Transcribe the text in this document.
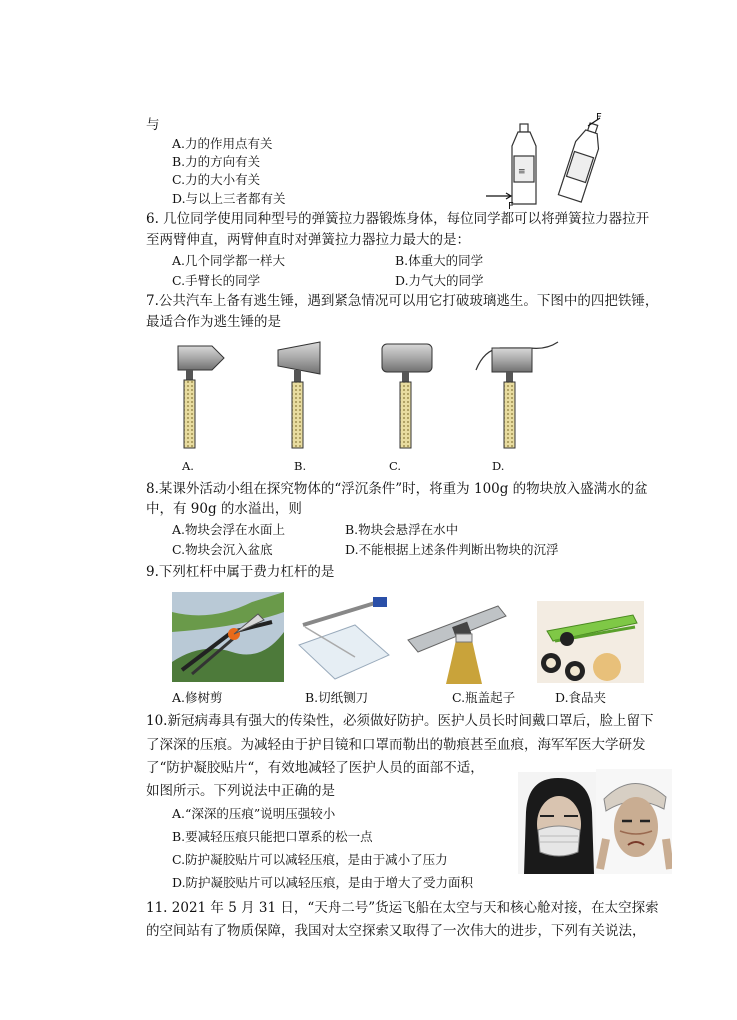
与
A.力的作用点有关
B.力的方向有关
C.力的大小有关
D.与以上三者都有关
≡
F
F
6. 几位同学使用同种型号的弹簧拉力器锻炼身体，每位同学都可以将弹簧拉力器拉开
至两臂伸直，两臂伸直时对弹簧拉力器拉力最大的是：
A.几个同学都一样大	B.体重大的同学
C.手臂长的同学	D.力气大的同学
7.公共汽车上备有逃生锤，遇到紧急情况可以用它打破玻璃逃生。下图中的四把铁锤，
最适合作为逃生锤的是
A.	B.	C.	D.
8.某课外活动小组在探究物体的“浮沉条件”时，将重为 100g 的物块放入盛满水的盆
中，有 90g 的水溢出，则
A.物块会浮在水面上	B.物块会悬浮在水中
C.物块会沉入盆底	D.不能根据上述条件判断出物块的沉浮
9.下列杠杆中属于费力杠杆的是
A.修树剪	B.切纸铡刀	C.瓶盖起子	D.食品夹
10.新冠病毒具有强大的传染性，必须做好防护。医护人员长时间戴口罩后，脸上留下
了深深的压痕。为减轻由于护目镜和口罩而勒出的勒痕甚至血痕，海军军医大学研发
了“防护凝胶贴片“，有效地减轻了医护人员的面部不适，
如图所示。下列说法中正确的是
A.“深深的压痕”说明压强较小
B.要减轻压痕只能把口罩系的松一点
C.防护凝胶贴片可以减轻压痕，是由于减小了压力
D.防护凝胶贴片可以减轻压痕，是由于增大了受力面积
11. 2021 年 5 月 31 日，“天舟二号”货运飞船在太空与天和核心舱对接，在太空探索
的空间站有了物质保障，我国对太空探索又取得了一次伟大的进步，下列有关说法，
